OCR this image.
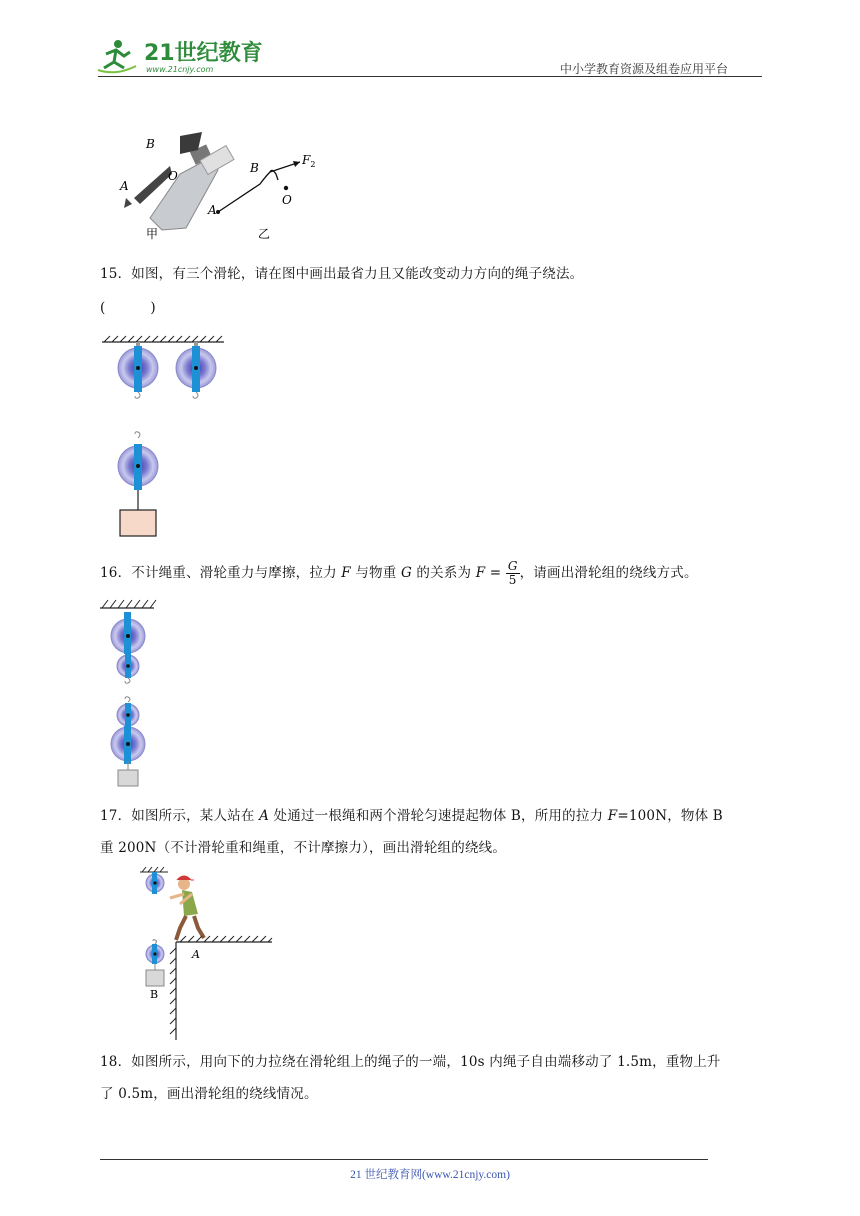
21世纪教育
www.21cnjy.com	中小学教育资源及组卷应用平台
B
O
A
甲
B
O
A
$F_2$
乙
15．如图，有三个滑轮，请在图中画出最省力且又能改变动力方向的绳子绕法。
(          )
16．不计绳重、滑轮重力与摩擦，拉力 F 与物重 G 的关系为 $F = \frac{G}{5}$ ，请画出滑轮组的绕线方式。
17．如图所示，某人站在 A 处通过一根绳和两个滑轮匀速提起物体 B，所用的拉力 F=100N，物体 B
重 200N（不计滑轮重和绳重，不计摩擦力），画出滑轮组的绕线。
B
A
18．如图所示，用向下的力拉绕在滑轮组上的绳子的一端，10s 内绳子自由端移动了 1.5m，重物上升
了 0.5m，画出滑轮组的绕线情况。
21 世纪教育网(www.21cnjy.com)
